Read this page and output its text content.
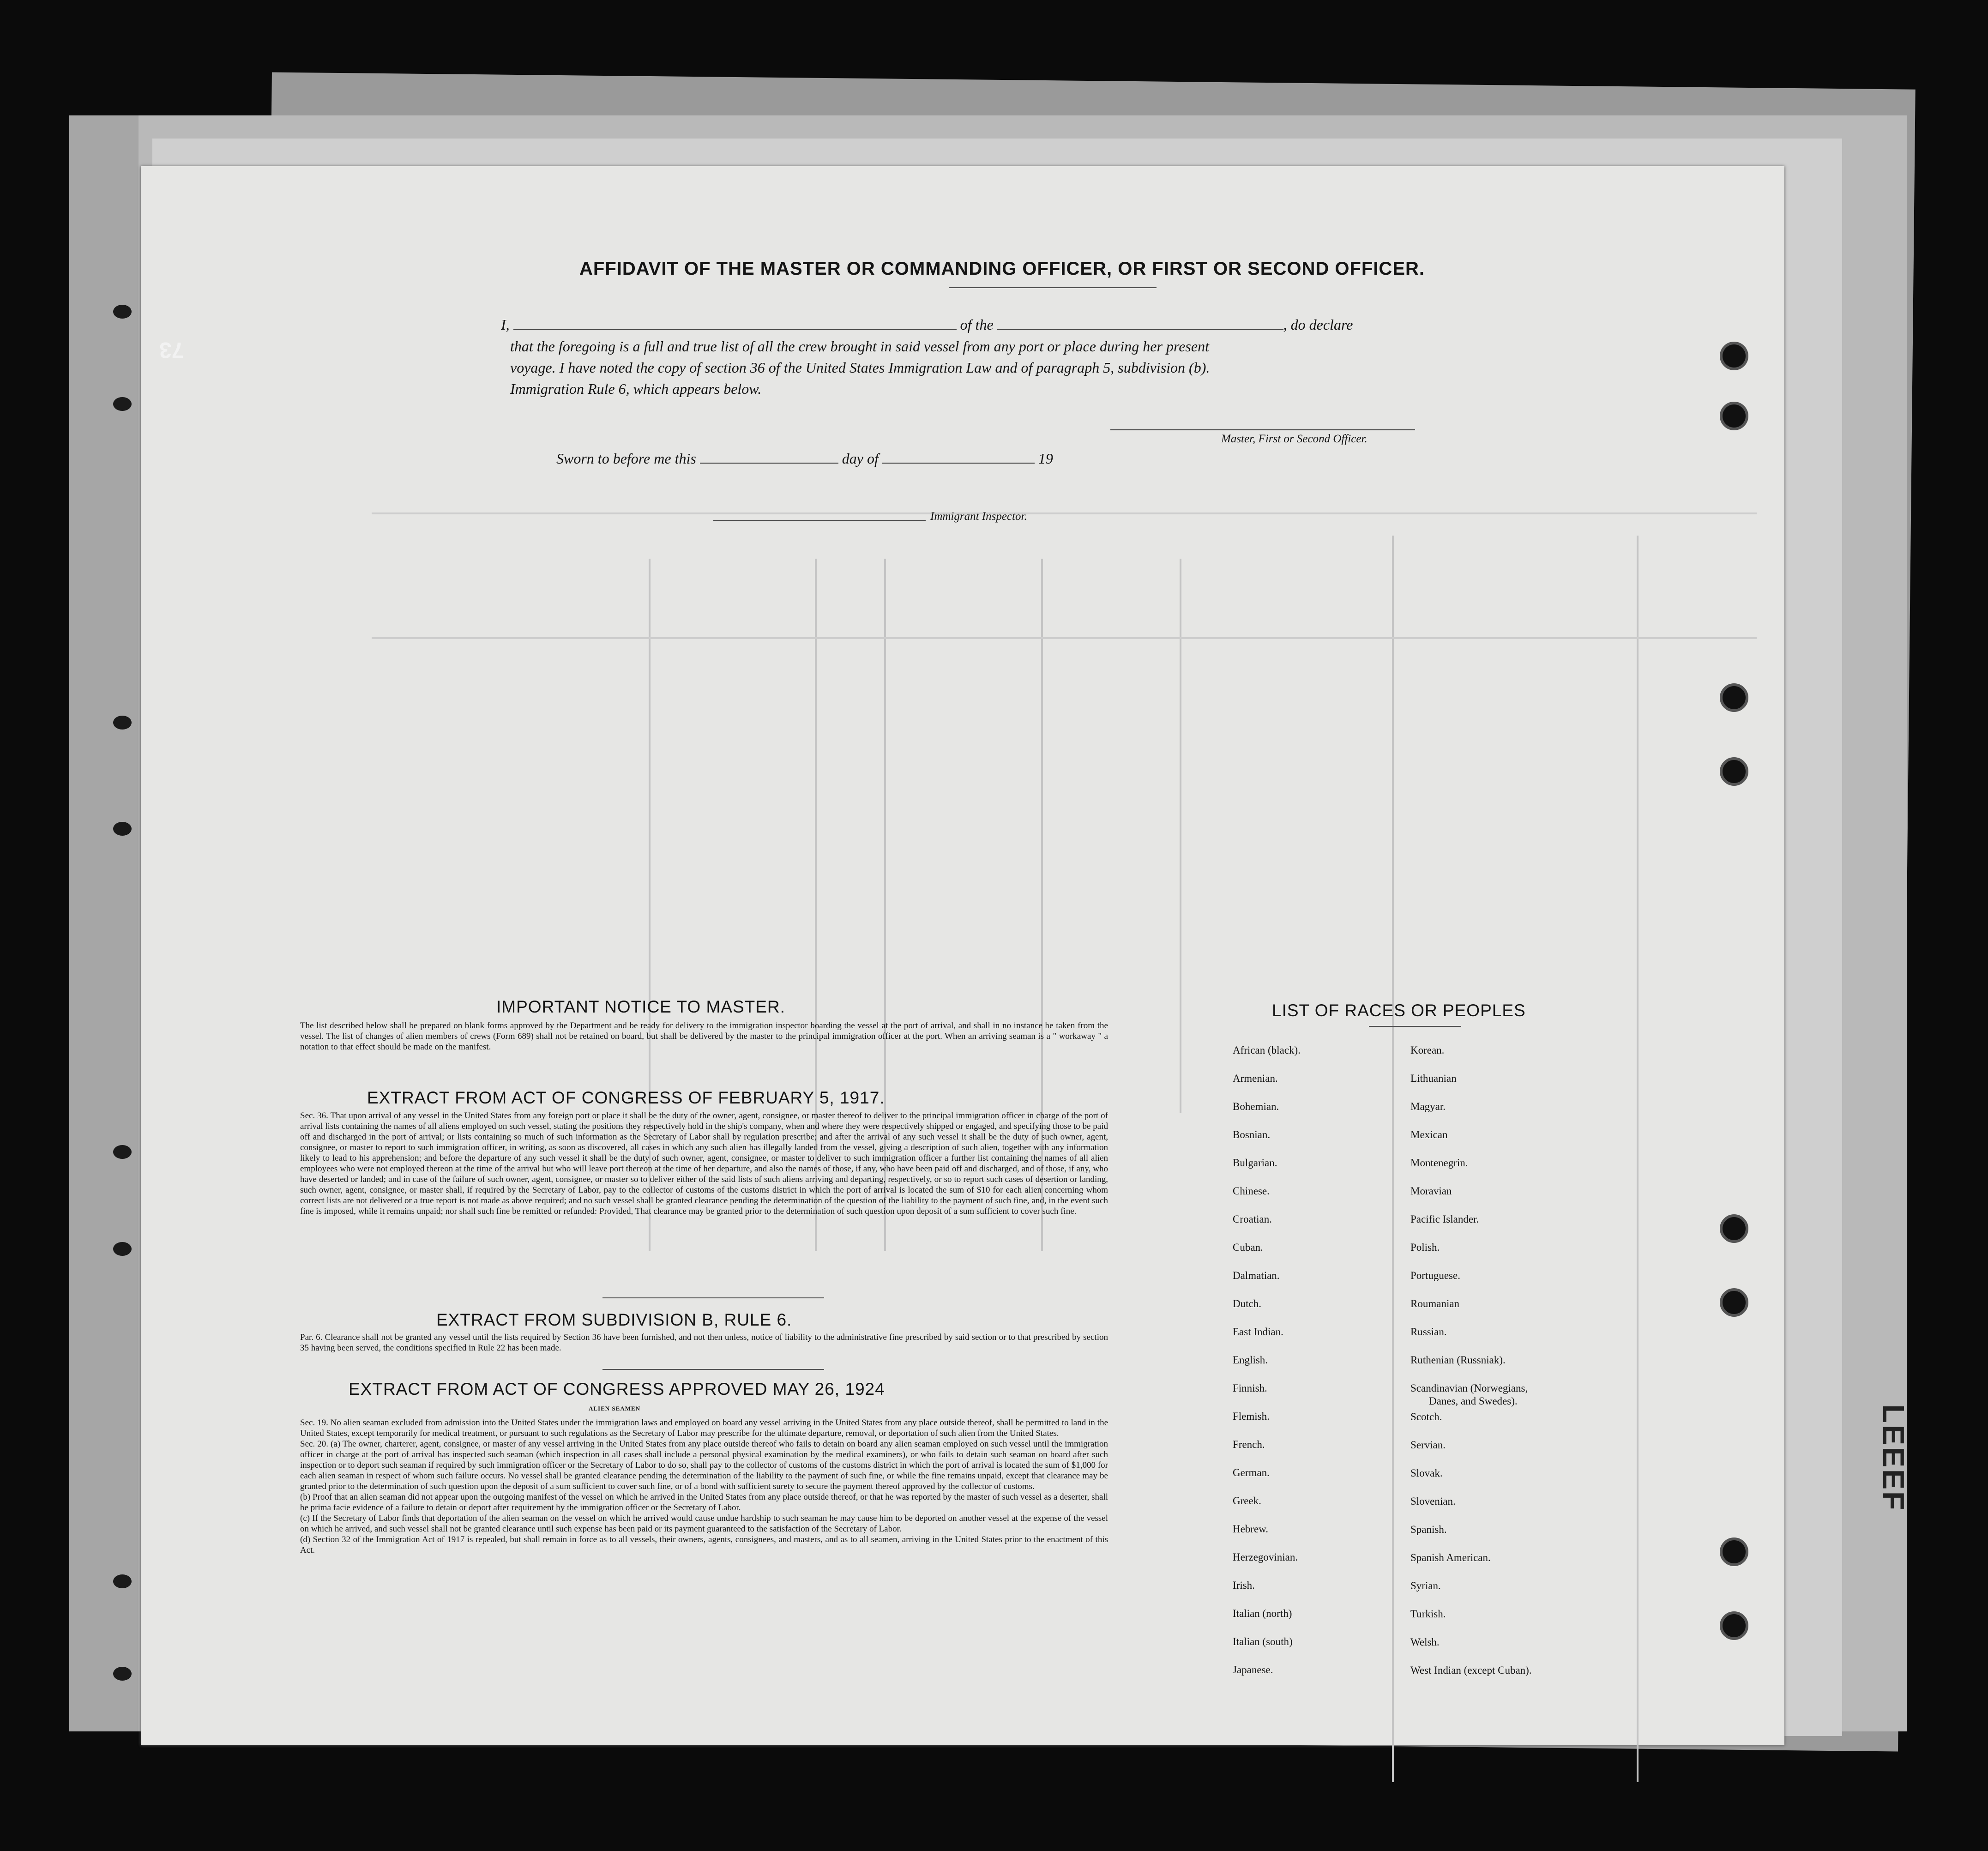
73
LEEEF
AFFIDAVIT OF THE MASTER OR COMMANDING OFFICER, OR FIRST OR SECOND OFFICER.
I,	of the	, do declare
that the foregoing is a full and true list of all the crew brought in said vessel from any port or place during her present
voyage. I have noted the copy of section 36 of the United States Immigration Law and of paragraph 5, subdivision (b).
Immigration Rule 6, which appears below.
Master, First or Second Officer.
Sworn to before me this	day of	19
Immigrant Inspector.
IMPORTANT NOTICE TO MASTER.
The list described below shall be prepared on blank forms approved by the Department and be ready for delivery to the immigration inspector boarding the vessel at the port of arrival, and shall in no instance be taken from the vessel. The list of changes of alien members of crews (Form 689) shall not be retained on board, but shall be delivered by the master to the principal immigration officer at the port. When an arriving seaman is a " workaway " a notation to that effect should be made on the manifest.
EXTRACT FROM ACT OF CONGRESS OF FEBRUARY 5, 1917.
Sec. 36. That upon arrival of any vessel in the United States from any foreign port or place it shall be the duty of the owner, agent, consignee, or master thereof to deliver to the principal immigration officer in charge of the port of arrival lists containing the names of all aliens employed on such vessel, stating the positions they respectively hold in the ship's company, when and where they were respectively shipped or engaged, and specifying those to be paid off and discharged in the port of arrival; or lists containing so much of such information as the Secretary of Labor shall by regulation prescribe; and after the arrival of any such vessel it shall be the duty of such owner, agent, consignee, or master to report to such immigration officer, in writing, as soon as discovered, all cases in which any such alien has illegally landed from the vessel, giving a description of such alien, together with any information likely to lead to his apprehension; and before the departure of any such vessel it shall be the duty of such owner, agent, consignee, or master to deliver to such immigration officer a further list containing the names of all alien employees who were not employed thereon at the time of the arrival but who will leave port thereon at the time of her departure, and also the names of those, if any, who have been paid off and discharged, and of those, if any, who have deserted or landed; and in case of the failure of such owner, agent, consignee, or master so to deliver either of the said lists of such aliens arriving and departing, respectively, or so to report such cases of desertion or landing, such owner, agent, consignee, or master shall, if required by the Secretary of Labor, pay to the collector of customs of the customs district in which the port of arrival is located the sum of $10 for each alien concerning whom correct lists are not delivered or a true report is not made as above required; and no such vessel shall be granted clearance pending the determination of the question of the liability to the payment of such fine, and, in the event such fine is imposed, while it remains unpaid; nor shall such fine be remitted or refunded: Provided, That clearance may be granted prior to the determination of such question upon deposit of a sum sufficient to cover such fine.
EXTRACT FROM SUBDIVISION B, RULE 6.
Par. 6. Clearance shall not be granted any vessel until the lists required by Section 36 have been furnished, and not then unless, notice of liability to the administrative fine prescribed by said section or to that prescribed by section 35 having been served, the conditions specified in Rule 22 has been made.
EXTRACT FROM ACT OF CONGRESS APPROVED MAY 26, 1924
ALIEN SEAMEN
Sec. 19. No alien seaman excluded from admission into the United States under the immigration laws and employed on board any vessel arriving in the United States from any place outside thereof, shall be permitted to land in the United States, except temporarily for medical treatment, or pursuant to such regulations as the Secretary of Labor may prescribe for the ultimate departure, removal, or deportation of such alien from the United States.
Sec. 20. (a) The owner, charterer, agent, consignee, or master of any vessel arriving in the United States from any place outside thereof who fails to detain on board any alien seaman employed on such vessel until the immigration officer in charge at the port of arrival has inspected such seaman (which inspection in all cases shall include a personal physical examination by the medical examiners), or who fails to detain such seaman on board after such inspection or to deport such seaman if required by such immigration officer or the Secretary of Labor to do so, shall pay to the collector of customs of the customs district in which the port of arrival is located the sum of $1,000 for each alien seaman in respect of whom such failure occurs. No vessel shall be granted clearance pending the determination of the liability to the payment of such fine, or while the fine remains unpaid, except that clearance may be granted prior to the determination of such question upon the deposit of a sum sufficient to cover such fine, or of a bond with sufficient surety to secure the payment thereof approved by the collector of customs.
(b) Proof that an alien seaman did not appear upon the outgoing manifest of the vessel on which he arrived in the United States from any place outside thereof, or that he was reported by the master of such vessel as a deserter, shall be prima facie evidence of a failure to detain or deport after requirement by the immigration officer or the Secretary of Labor.
(c) If the Secretary of Labor finds that deportation of the alien seaman on the vessel on which he arrived would cause undue hardship to such seaman he may cause him to be deported on another vessel at the expense of the vessel on which he arrived, and such vessel shall not be granted clearance until such expense has been paid or its payment guaranteed to the satisfaction of the Secretary of Labor.
(d) Section 32 of the Immigration Act of 1917 is repealed, but shall remain in force as to all vessels, their owners, agents, consignees, and masters, and as to all seamen, arriving in the United States prior to the enactment of this Act.
LIST OF RACES OR PEOPLES
African (black).
Armenian.
Bohemian.
Bosnian.
Bulgarian.
Chinese.
Croatian.
Cuban.
Dalmatian.
Dutch.
East Indian.
English.
Finnish.
Flemish.
French.
German.
Greek.
Hebrew.
Herzegovinian.
Irish.
Italian (north)
Italian (south)
Japanese.
Korean.
Lithuanian
Magyar.
Mexican
Montenegrin.
Moravian
Pacific Islander.
Polish.
Portuguese.
Roumanian
Russian.
Ruthenian (Russniak).
Scandinavian (Norwegians,
Danes, and Swedes).
Scotch.
Servian.
Slovak.
Slovenian.
Spanish.
Spanish American.
Syrian.
Turkish.
Welsh.
West Indian (except Cuban).
